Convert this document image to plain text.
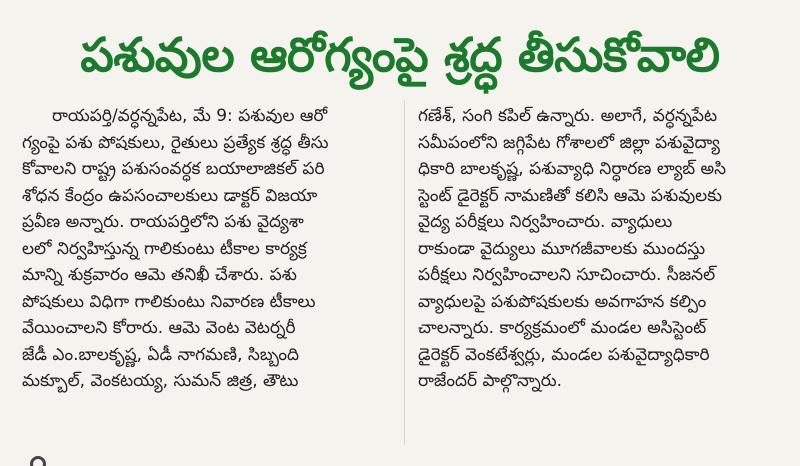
పశువుల ఆరోగ్యంపై శ్రద్ధ తీసుకోవాలి
రాయపర్తి/వర్ధన్నపేట, మే 9: పశువుల ఆరో
గ్యంపై పశు పోషకులు, రైతులు ప్రత్యేక శ్రద్ధ తీసు
కోవాలని రాష్ట్ర పశుసంవర్ధక బయాలాజికల్ పరి
శోధన కేంద్రం ఉపసంచాలకులు డాక్టర్ విజయా
ప్రవీణ అన్నారు. రాయపర్తిలోని పశు వైద్యశా
లలో నిర్వహిస్తున్న గాలికుంటు టీకాల కార్యక్ర
మాన్ని శుక్రవారం ఆమె తనిఖీ చేశారు. పశు
పోషకులు విధిగా గాలికుంటు నివారణ టీకాలు
వేయించాలని కోరారు. ఆమె వెంట వెటర్నరీ
జేడీ ఎం.బాలకృష్ణ, ఏడీ నాగమణి, సిబ్బంది
మక్బూల్, వెంకటయ్య, సుమన్ జిత్ర, తౌటు
గణేశ్, సంగి కపిల్ ఉన్నారు. అలాగే, వర్ధన్నపేట
సమీపంలోని జగ్గిపేట గోశాలలో జిల్లా పశువైద్యా
ధికారి బాలకృష్ణ, పశువ్యాధి నిర్ధారణ ల్యాబ్ అసి
స్టెంట్ డైరెక్టర్ నామణితో కలిసి ఆమె పశువులకు
వైద్య పరీక్షలు నిర్వహించారు. వ్యాధులు
రాకుండా వైద్యులు మూగజీవాలకు ముందస్తు
పరీక్షలు నిర్వహించాలని సూచించారు. సీజనల్
వ్యాధులపై పశుపోషకులకు అవగాహన కల్పిం
చాలన్నారు. కార్యక్రమంలో మండల అసిస్టెంట్
డైరెక్టర్ వెంకటేశ్వర్లు, మండల పశువైద్యాధికారి
రాజేందర్ పాల్గొన్నారు.
